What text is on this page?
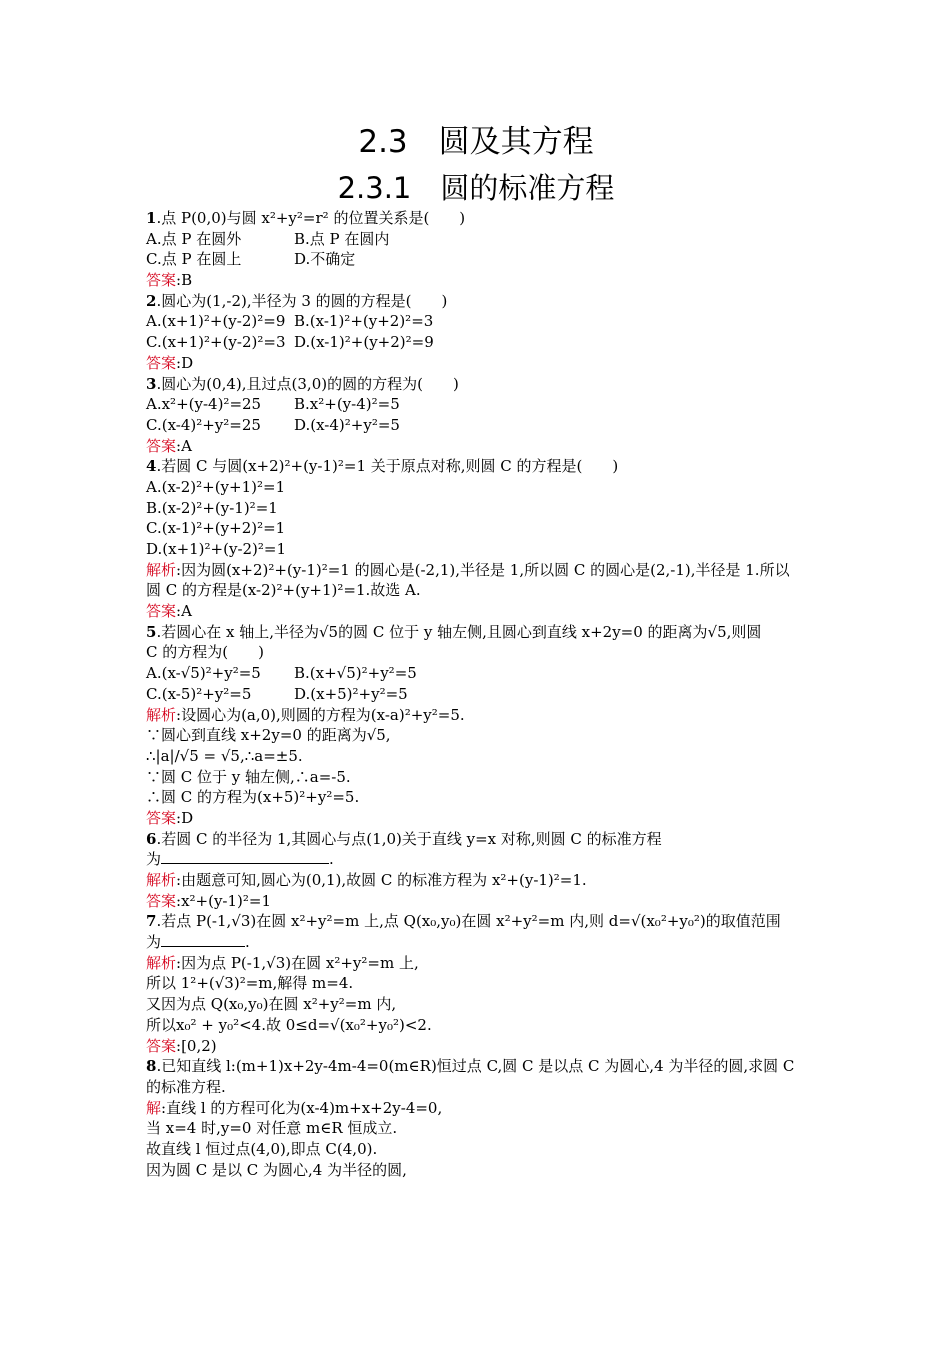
2.3　圆及其方程
2.3.1　圆的标准方程
1.点 P(0,0)与圆 x²+y²=r² 的位置关系是(　　)
A.点 P 在圆外	B.点 P 在圆内
C.点 P 在圆上	D.不确定
答案:B
2.圆心为(1,-2),半径为 3 的圆的方程是(　　)
A.(x+1)²+(y-2)²=9 B.(x-1)²+(y+2)²=3
C.(x+1)²+(y-2)²=3 D.(x-1)²+(y+2)²=9
答案:D
3.圆心为(0,4),且过点(3,0)的圆的方程为(　　)
A.x²+(y-4)²=25 B.x²+(y-4)²=5
C.(x-4)²+y²=25 D.(x-4)²+y²=5
答案:A
4.若圆 C 与圆(x+2)²+(y-1)²=1 关于原点对称,则圆 C 的方程是(　　)
A.(x-2)²+(y+1)²=1
B.(x-2)²+(y-1)²=1
C.(x-1)²+(y+2)²=1
D.(x+1)²+(y-2)²=1
解析:因为圆(x+2)²+(y-1)²=1 的圆心是(-2,1),半径是 1,所以圆 C 的圆心是(2,-1),半径是 1.所以
圆 C 的方程是(x-2)²+(y+1)²=1.故选 A.
答案:A
5.若圆心在 x 轴上,半径为√5的圆 C 位于 y 轴左侧,且圆心到直线 x+2y=0 的距离为√5,则圆
C 的方程为(　　)
A.(x-√5)²+y²=5 B.(x+√5)²+y²=5
C.(x-5)²+y²=5	D.(x+5)²+y²=5
解析:设圆心为(a,0),则圆的方程为(x-a)²+y²=5.
∵圆心到直线 x+2y=0 的距离为√5,
∴|a|/√5 = √5,∴a=±5.
∵圆 C 位于 y 轴左侧,∴a=-5.
∴圆 C 的方程为(x+5)²+y²=5.
答案:D
6.若圆 C 的半径为 1,其圆心与点(1,0)关于直线 y=x 对称,则圆 C 的标准方程
为	.
解析:由题意可知,圆心为(0,1),故圆 C 的标准方程为 x²+(y-1)²=1.
答案:x²+(y-1)²=1
7.若点 P(-1,√3)在圆 x²+y²=m 上,点 Q(x₀,y₀)在圆 x²+y²=m 内,则 d=√(x₀²+y₀²)的取值范围
为	.
解析:因为点 P(-1,√3)在圆 x²+y²=m 上,
所以 1²+(√3)²=m,解得 m=4.
又因为点 Q(x₀,y₀)在圆 x²+y²=m 内,
所以x₀² + y₀²<4.故 0≤d=√(x₀²+y₀²)<2.
答案:[0,2)
8.已知直线 l:(m+1)x+2y-4m-4=0(m∈R)恒过点 C,圆 C 是以点 C 为圆心,4 为半径的圆,求圆 C
的标准方程.
解:直线 l 的方程可化为(x-4)m+x+2y-4=0,
当 x=4 时,y=0 对任意 m∈R 恒成立.
故直线 l 恒过点(4,0),即点 C(4,0).
因为圆 C 是以 C 为圆心,4 为半径的圆,
